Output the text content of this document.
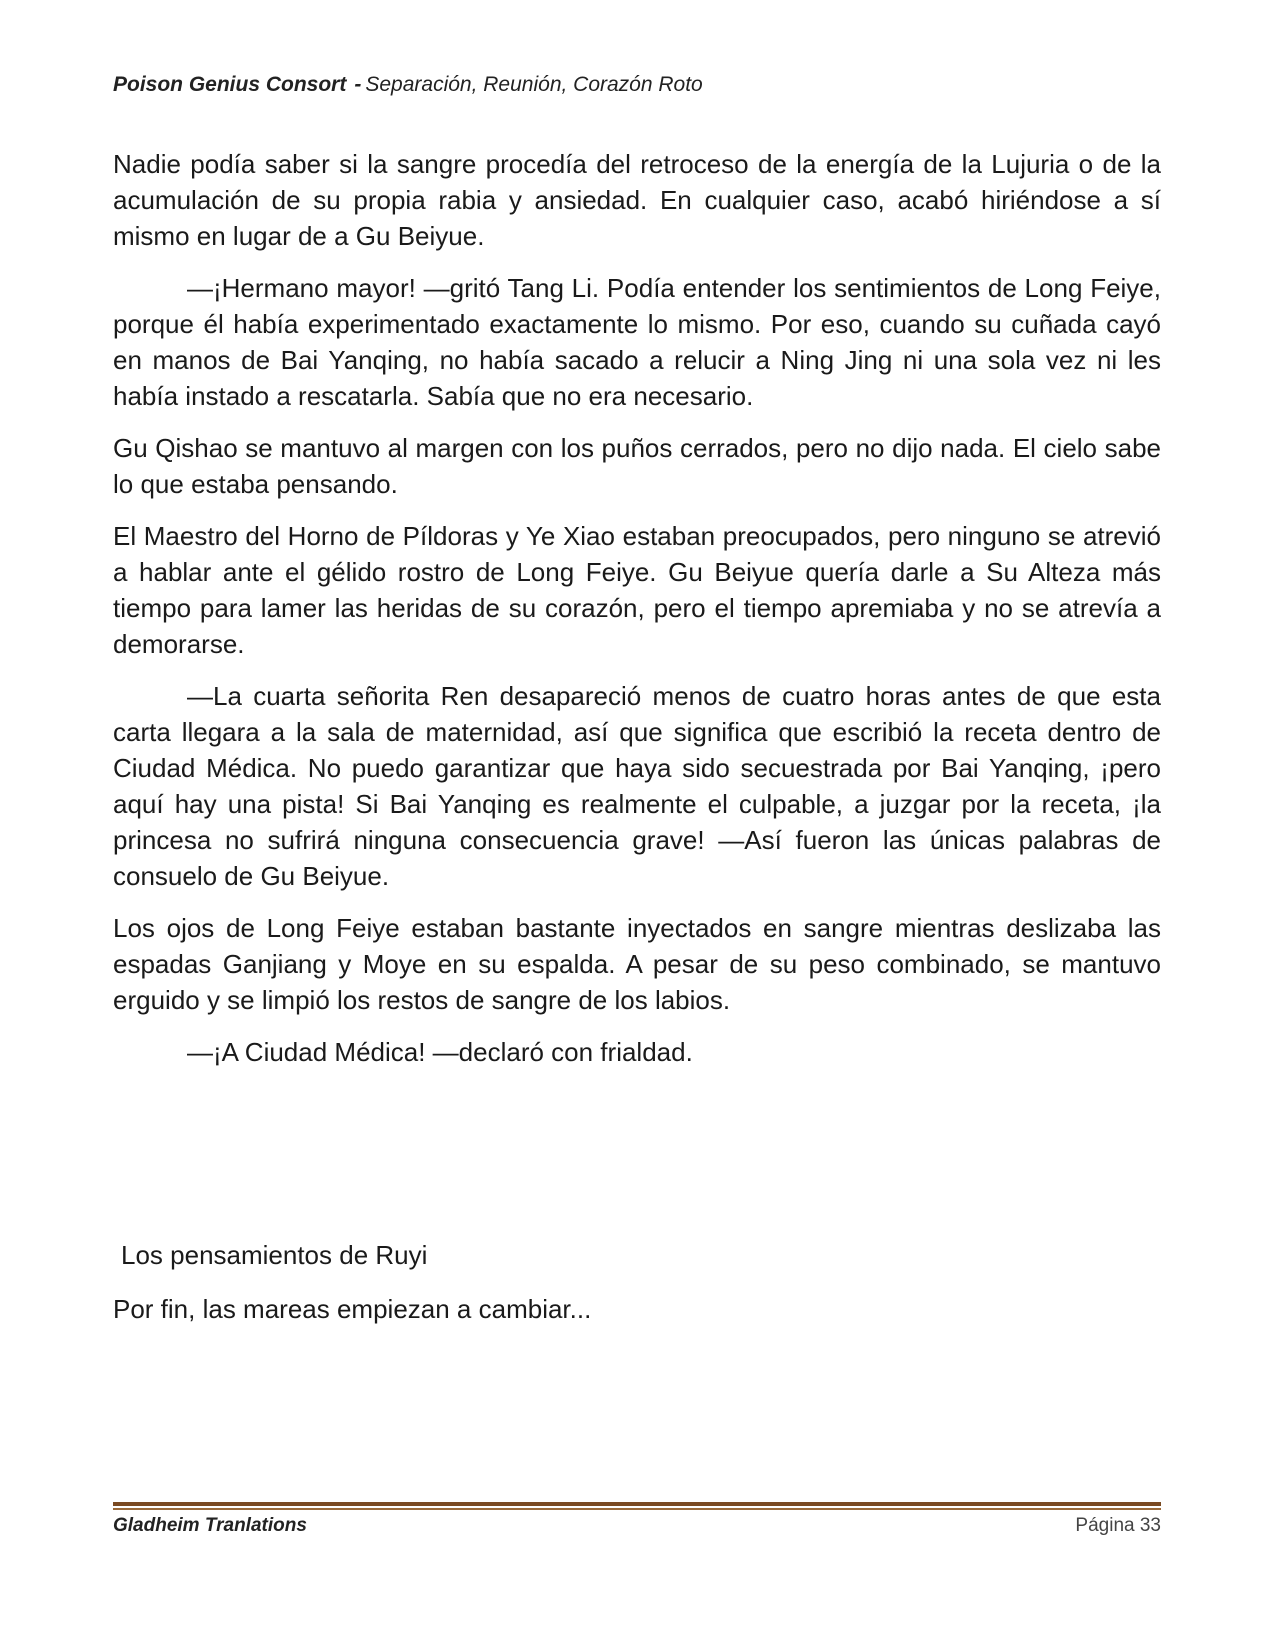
Poison Genius Consort - Separación, Reunión, Corazón Roto

Nadie podía saber si la sangre procedía del retroceso de la energía de la Lujuria o de la acumulación de su propia rabia y ansiedad. En cualquier caso, acabó hiriéndose a sí mismo en lugar de a Gu Beiyue.

—¡Hermano mayor! —gritó Tang Li. Podía entender los sentimientos de Long Feiye, porque él había experimentado exactamente lo mismo. Por eso, cuando su cuñada cayó en manos de Bai Yanqing, no había sacado a relucir a Ning Jing ni una sola vez ni les había instado a rescatarla. Sabía que no era necesario.

Gu Qishao se mantuvo al margen con los puños cerrados, pero no dijo nada. El cielo sabe lo que estaba pensando.

El Maestro del Horno de Píldoras y Ye Xiao estaban preocupados, pero ninguno se atrevió a hablar ante el gélido rostro de Long Feiye. Gu Beiyue quería darle a Su Alteza más tiempo para lamer las heridas de su corazón, pero el tiempo apremiaba y no se atrevía a demorarse.

—La cuarta señorita Ren desapareció menos de cuatro horas antes de que esta carta llegara a la sala de maternidad, así que significa que escribió la receta dentro de Ciudad Médica. No puedo garantizar que haya sido secuestrada por Bai Yanqing, ¡pero aquí hay una pista! Si Bai Yanqing es realmente el culpable, a juzgar por la receta, ¡la princesa no sufrirá ninguna consecuencia grave! —Así fueron las únicas palabras de consuelo de Gu Beiyue.

Los ojos de Long Feiye estaban bastante inyectados en sangre mientras deslizaba las espadas Ganjiang y Moye en su espalda. A pesar de su peso combinado, se mantuvo erguido y se limpió los restos de sangre de los labios.

—¡A Ciudad Médica! —declaró con frialdad.

Los pensamientos de Ruyi
Por fin, las mareas empiezan a cambiar...
Gladheim Tranlations	Página 33
